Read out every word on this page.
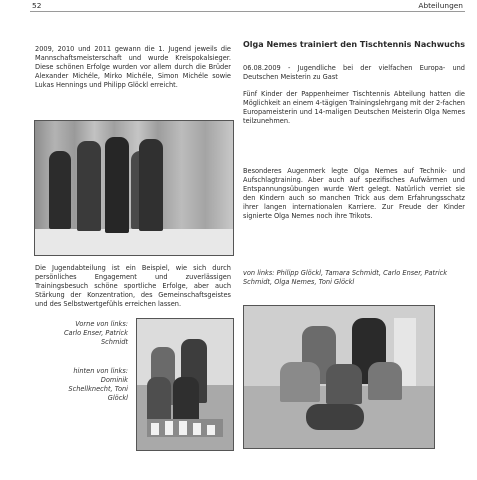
52	Abteilungen

2009, 2010 und 2011 gewann die 1. Jugend jeweils die Mannschaftsmeisterschaft und wurde Kreispokalsieger. Diese schönen Erfolge wurden vor allem durch die Brüder Alexander Michéle, Mirko Michéle, Simon Michéle sowie Lukas Hennings und Philipp Glöckl erreicht.

Die Jugendabteilung ist ein Beispiel, wie sich durch persönliches Engagement und zuverlässigen Trainingsbesuch schöne sportliche Erfolge, aber auch Stärkung der Konzentration, des Gemeinschaftsgeistes und des Selbstwertgefühls erreichen lassen.

Vorne von links: Carlo Enser, Patrick Schmidt

hinten von links: Dominik Schellknecht, Toni Glöckl

Olga Nemes trainiert den Tischtennis Nachwuchs

06.08.2009 - Jugendliche bei der vielfachen Europa- und Deutschen Meisterin zu Gast

Fünf Kinder der Pappenheimer Tischtennis Abteilung hatten die Möglichkeit an einem 4-tägigen Trainingslehrgang mit der 2-fachen Europameisterin und 14-maligen Deutschen Meisterin Olga Nemes teilzunehmen.

Besonderes Augenmerk legte Olga Nemes auf Technik- und Aufschlagtraining. Aber auch auf spezifisches Aufwärmen und Entspannungsübungen wurde Wert gelegt. Natürlich verriet sie den Kindern auch so manchen Trick aus dem Erfahrungsschatz ihrer langen internationalen Karriere. Zur Freude der Kinder signierte Olga Nemes noch ihre Trikots.

von links: Philipp Glöckl, Tamara Schmidt, Carlo Enser, Patrick Schmidt, Olga Nemes, Toni Glöckl
